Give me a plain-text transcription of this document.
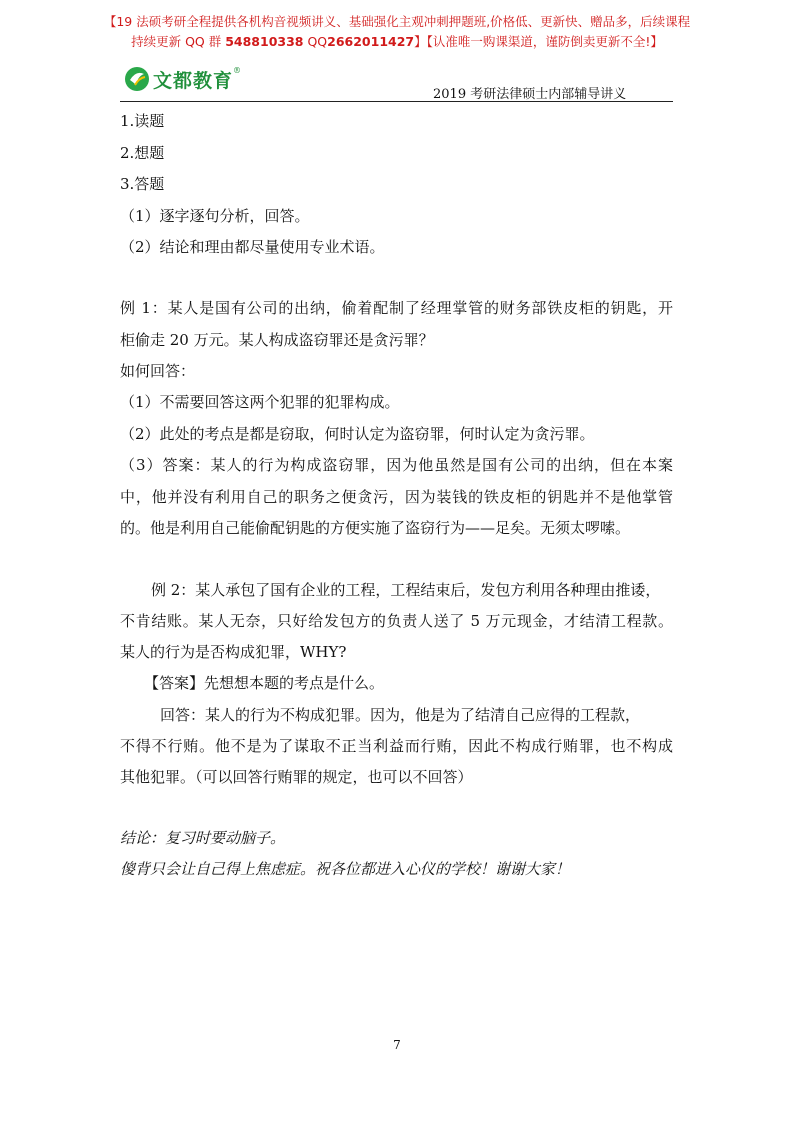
【19 法硕考研全程提供各机构音视频讲义、基础强化主观冲刺押题班,价格低、更新快、赠品多，后续课程
持续更新 QQ 群 548810338 QQ2662011427】【认准唯一购课渠道，谨防倒卖更新不全!】
文都教育 ®
2019 考研法律硕士内部辅导讲义
1.读题
2.想题
3.答题
（1）逐字逐句分析，回答。
（2）结论和理由都尽量使用专业术语。
例 1：某人是国有公司的出纳，偷着配制了经理掌管的财务部铁皮柜的钥匙，开
柜偷走 20 万元。某人构成盗窃罪还是贪污罪？
如何回答：
（1）不需要回答这两个犯罪的犯罪构成。
（2）此处的考点是都是窃取，何时认定为盗窃罪，何时认定为贪污罪。
（3）答案：某人的行为构成盗窃罪，因为他虽然是国有公司的出纳，但在本案
中，他并没有利用自己的职务之便贪污，因为装钱的铁皮柜的钥匙并不是他掌管
的。他是利用自己能偷配钥匙的方便实施了盗窃行为——足矣。无须太啰嗦。
例 2：某人承包了国有企业的工程，工程结束后，发包方利用各种理由推诿，
不肯结账。某人无奈，只好给发包方的负责人送了 5 万元现金，才结清工程款。
某人的行为是否构成犯罪，WHY?
【答案】先想想本题的考点是什么。
回答：某人的行为不构成犯罪。因为，他是为了结清自己应得的工程款，
不得不行贿。他不是为了谋取不正当利益而行贿，因此不构成行贿罪，也不构成
其他犯罪。（可以回答行贿罪的规定，也可以不回答）
结论：复习时要动脑子。
傻背只会让自己得上焦虑症。祝各位都进入心仪的学校！谢谢大家！
7
